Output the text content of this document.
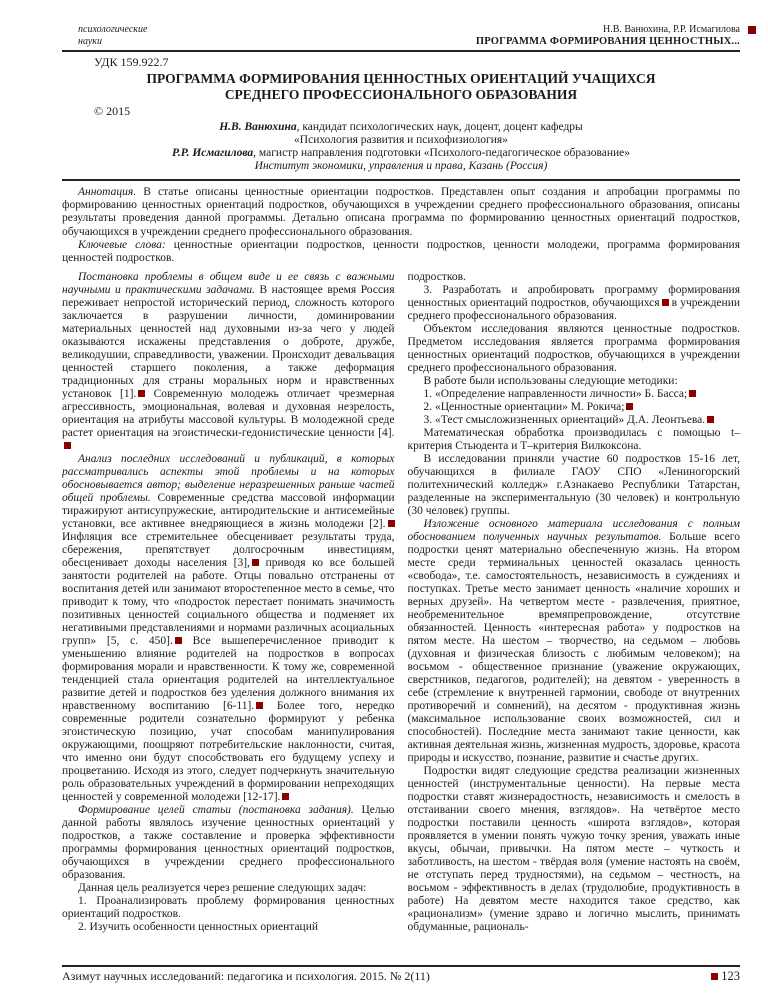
психологические
науки
Н.В. Ванюхина, Р.Р. Исмагилова
ПРОГРАММА ФОРМИРОВАНИЯ ЦЕННОСТНЫХ...
УДК 159.922.7
ПРОГРАММА ФОРМИРОВАНИЯ ЦЕННОСТНЫХ ОРИЕНТАЦИЙ УЧАЩИХСЯ
СРЕДНЕГО ПРОФЕССИОНАЛЬНОГО ОБРАЗОВАНИЯ
© 2015

Н.В. Ванюхина, кандидат психологических наук, доцент, доцент кафедры

«Психология развития и психофизиология»

Р.Р. Исмагилова, магистр направления подготовки «Психолого-педагогическое образование»

Институт экономики, управления и права, Казань (Россия)

Аннотация. В статье описаны ценностные ориентации подростков. Представлен опыт создания и апробации программы по формированию ценностных ориентаций подростков, обучающихся в учреждении среднего профессионального образования, описаны результаты проведения данной программы. Детально описана программа по формированию ценностных ориентаций подростков, обучающихся в учреждении среднего профессионального образования.

Ключевые слова: ценностные ориентации подростков, ценности подростков, ценности молодежи, программа формирования ценностей подростков.

Постановка проблемы в общем виде и ее связь с важными научными и практическими задачами. В настоящее время Россия переживает непростой исторический период, сложность которого заключается в разрушении личности, доминировании материальных ценностей над духовными из-за чего у людей оказываются искажены представления о доброте, дружбе, великодушии, справедливости, уважении. Происходит девальвация ценностей старшего поколения, а также деформация традиционных для страны моральных норм и нравственных установок [1]. Современную молодежь отличает чрезмерная агрессивность, эмоциональная, волевая и духовная незрелость, ориентация на атрибуты массовой культуры. В молодежной среде растет ориентация на эгоистически-гедонистические ценности [4].

Анализ последних исследований и публикаций, в которых рассматривались аспекты этой проблемы и на которых обосновывается автор; выделение неразрешенных раньше частей общей проблемы. Современные средства массовой информации тиражируют антисупружеские, антиродительские и антисемейные установки, все активнее внедряющиеся в жизнь молодежи [2]. Инфляция все стремительнее обесценивает результаты труда, сбережения, препятствует долгосрочным инвестициям, обесценивает доходы населения [3], приводя ко все большей занятости родителей на работе. Отцы повально отстранены от воспитания детей или занимают второстепенное место в семье, что приводит к тому, что «подросток перестает понимать значимость позитивных ценностей социального общества и подменяет их негативными представлениями и нормами различных асоциальных групп» [5, с. 450]. Все вышеперечисленное приводит к уменьшению влияние родителей на подростков в вопросах формирования морали и нравственности. К тому же, современной тенденцией стала ориентация родителей на интеллектуальное развитие детей и подростков без уделения должного внимания их нравственному воспитанию [6-11]. Более того, нередко современные родители сознательно формируют у ребенка эгоистическую позицию, учат способам манипулирования окружающими, поощряют потребительские наклонности, считая, что именно они будут способствовать его будущему успеху и процветанию. Исходя из этого, следует подчеркнуть значительную роль образовательных учреждений в формировании непреходящих ценностей у современной молодежи [12-17].

Формирование целей статьи (постановка задания). Целью данной работы являлось изучение ценностных ориентаций у подростков, а также составление и проверка эффективности программы формирования ценностных ориентаций подростков, обучающихся в учреждении среднего профессионального образования.

Данная цель реализуется через решение следующих задач:

1. Проанализировать проблему формирования ценностных ориентаций подростков.

2. Изучить особенности ценностных ориентаций

подростков.

3. Разработать и апробировать программу формирования ценностных ориентаций подростков, обучающихся в учреждении среднего профессионального образования.

Объектом исследования являются ценностные подростков. Предметом исследования является программа формирования ценностных ориентаций подростков, обучающихся в учреждении среднего профессионального образования.

В работе были использованы следующие методики:

1. «Определение направленности личности» Б. Басса;

2. «Ценностные ориентации» М. Рокича;

3. «Тест смысложизненных ориентаций» Д.А. Леонтьева.

Математическая обработка производилась с помощью t–критерия Стьюдента и Т–критерия Вилкоксона.

В исследовании приняли участие 60 подростков 15-16 лет, обучающихся в филиале ГАОУ СПО «Лениногорский политехнический колледж» г.Азнакаево Республики Татарстан, разделенные на экспериментальную (30 человек) и контрольную (30 человек) группы.

Изложение основного материала исследования с полным обоснованием полученных научных результатов. Больше всего подростки ценят материально обеспеченную жизнь. На втором месте среди терминальных ценностей оказалась ценность «свобода», т.е. самостоятельность, независимость в суждениях и поступках. Третье место занимает ценность «наличие хороших и верных друзей». На четвертом месте - развлечения, приятное, необременительное времяпрепровождение, отсутствие обязанностей. Ценность «интересная работа» у подростков на пятом месте. На шестом – творчество, на седьмом – любовь (духовная и физическая близость с любимым человеком); на восьмом - общественное признание (уважение окружающих, сверстников, педагогов, родителей); на девятом - уверенность в себе (стремление к внутренней гармонии, свободе от внутренних противоречий и сомнений), на десятом - продуктивная жизнь (максимальное использование своих возможностей, сил и способностей). Последние места занимают такие ценности, как активная деятельная жизнь, жизненная мудрость, здоровье, красота природы и искусство, познание, развитие и счастье других.

Подростки видят следующие средства реализации жизненных ценностей (инструментальные ценности). На первые места подростки ставят жизнерадостность, независимость и смелость в отстаивании своего мнения, взглядов». На четвёртое место подростки поставили ценность «широта взглядов», которая проявляется в умении понять чужую точку зрения, уважать иные вкусы, обычаи, привычки. На пятом месте – чуткость и заботливость, на шестом - твёрдая воля (умение настоять на своём, не отступать перед трудностями), на седьмом – честность, на восьмом - эффективность в делах (трудолюбие, продуктивность в работе) На девятом месте находится такое средство, как «рационализм» (умение здраво и логично мыслить, принимать обдуманные, рациональ-

Азимут научных исследований: педагогика и психология. 2015. № 2(11)	123
